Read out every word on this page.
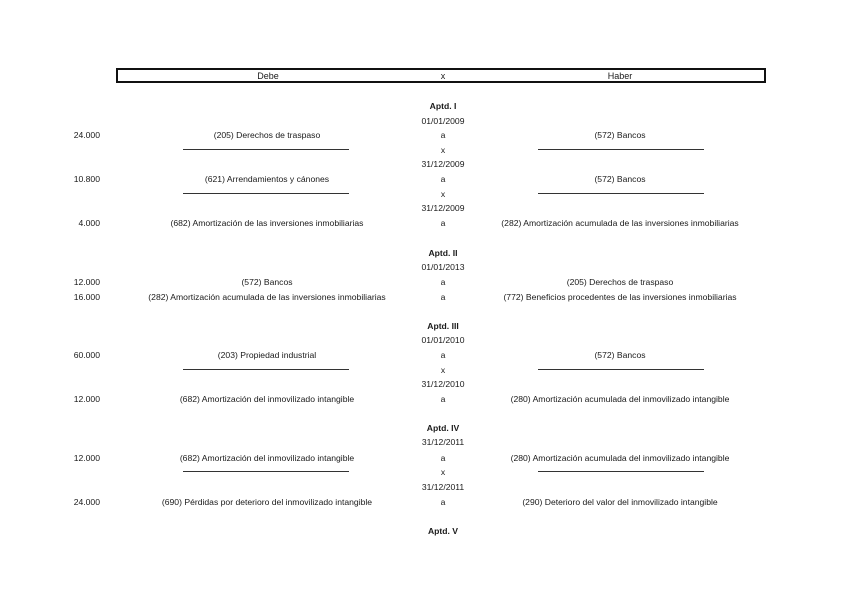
Debe	x	Haber
Aptd. I
01/01/2009
24.000	(205) Derechos de traspaso	a	(572) Bancos
x
31/12/2009
10.800	(621) Arrendamientos y cánones	a	(572) Bancos
x
31/12/2009
4.000	(682) Amortización de las inversiones inmobiliarias	a	(282) Amortización acumulada de las inversiones inmobiliarias
Aptd. II
01/01/2013
12.000	(572) Bancos	a	(205) Derechos de traspaso
16.000	(282) Amortización acumulada de las inversiones inmobiliarias	a	(772) Beneficios procedentes de las inversiones inmobiliarias
Aptd. III
01/01/2010
60.000	(203) Propiedad industrial	a	(572) Bancos
x
31/12/2010
12.000	(682) Amortización del inmovilizado intangible	a	(280) Amortización acumulada del inmovilizado intangible
Aptd. IV
31/12/2011
12.000	(682) Amortización del inmovilizado intangible	a	(280) Amortización acumulada del inmovilizado intangible
x
31/12/2011
24.000	(690) Pérdidas por deterioro del inmovilizado intangible	a	(290) Deterioro del valor del inmovilizado intangible
Aptd. V
